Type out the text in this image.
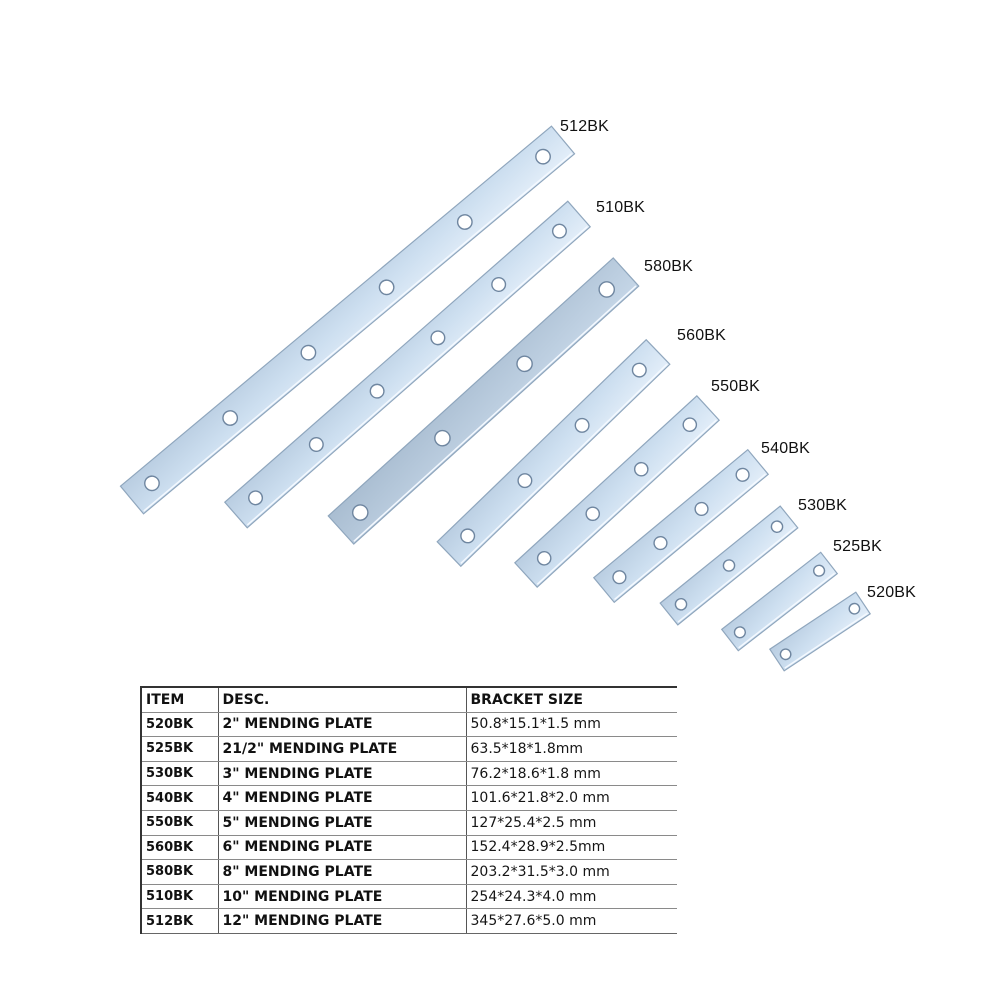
512BK
510BK
580BK
560BK
550BK
540BK
530BK
525BK
520BK
ITEM	DESC.	BRACKET SIZE
520BK	2" MENDING PLATE	50.8*15.1*1.5 mm
525BK	21/2" MENDING PLATE	63.5*18*1.8mm
530BK	3" MENDING PLATE	76.2*18.6*1.8 mm
540BK	4" MENDING PLATE	101.6*21.8*2.0 mm
550BK	5" MENDING PLATE	127*25.4*2.5 mm
560BK	6" MENDING PLATE	152.4*28.9*2.5mm
580BK	8" MENDING PLATE	203.2*31.5*3.0 mm
510BK	10" MENDING PLATE	254*24.3*4.0 mm
512BK	12" MENDING PLATE	345*27.6*5.0 mm
